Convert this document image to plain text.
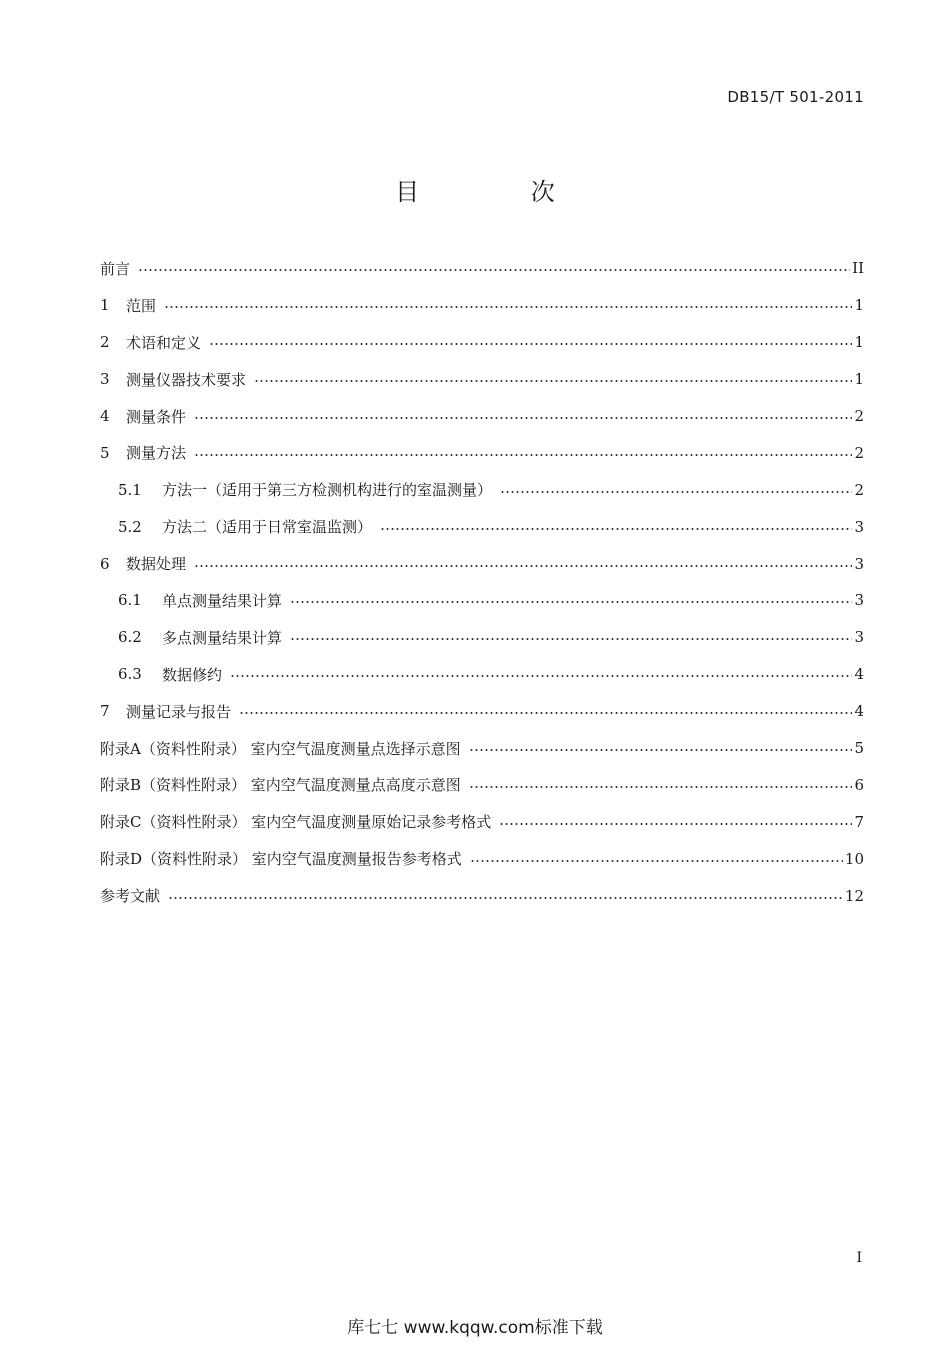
DB15/T 501-2011
目 次
前言	II
1	范围	1
2	术语和定义	1
3	测量仪器技术要求	1
4	测量条件	2
5	测量方法	2
5.1	方法一（适用于第三方检测机构进行的室温测量）	2
5.2	方法二（适用于日常室温监测）	3
6	数据处理	3
6.1	单点测量结果计算	3
6.2	多点测量结果计算	3
6.3	数据修约	4
7	测量记录与报告	4
附录A（资料性附录） 室内空气温度测量点选择示意图	5
附录B（资料性附录） 室内空气温度测量点高度示意图	6
附录C（资料性附录） 室内空气温度测量原始记录参考格式	7
附录D（资料性附录） 室内空气温度测量报告参考格式	10
参考文献	12
I
库七七 www.kqqw.com标准下载
